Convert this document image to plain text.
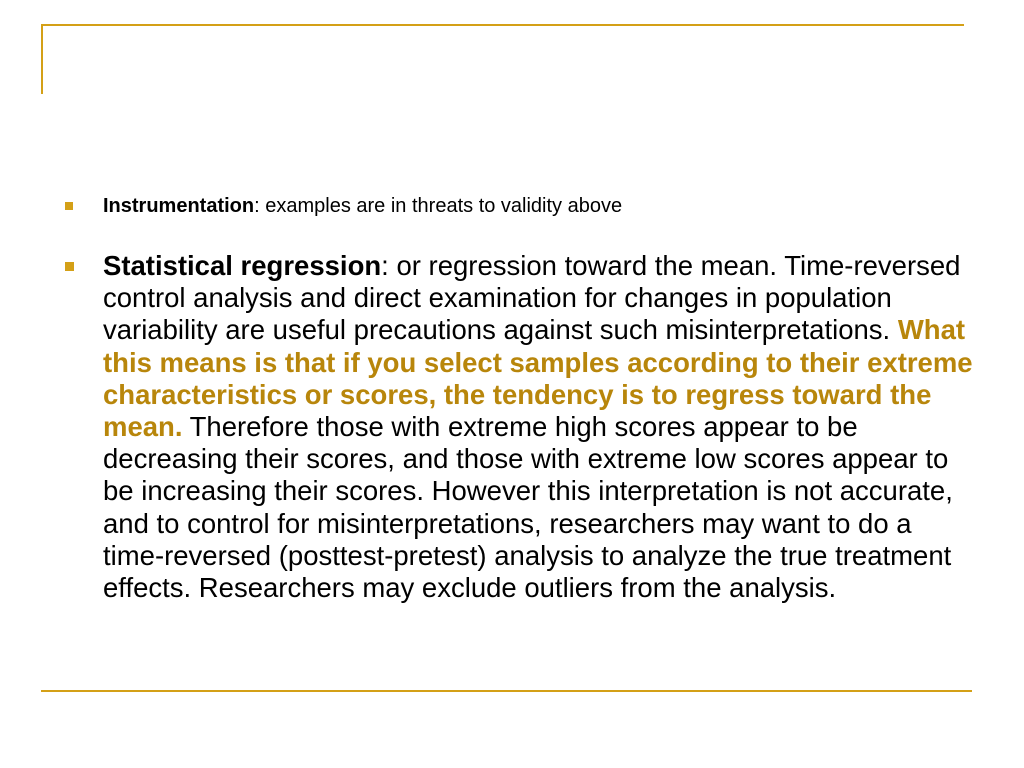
Instrumentation: examples are in threats to validity above
Statistical regression: or regression toward the mean. Time-reversed control analysis and direct examination for changes in population variability are useful precautions against such misinterpretations. What this means is that if you select samples according to their extreme characteristics or scores, the tendency is to regress toward the mean. Therefore those with extreme high scores appear to be decreasing their scores, and those with extreme low scores appear to be increasing their scores. However this interpretation is not accurate, and to control for misinterpretations, researchers may want to do a time-reversed (posttest-pretest) analysis to analyze the true treatment effects. Researchers may exclude outliers from the analysis.
